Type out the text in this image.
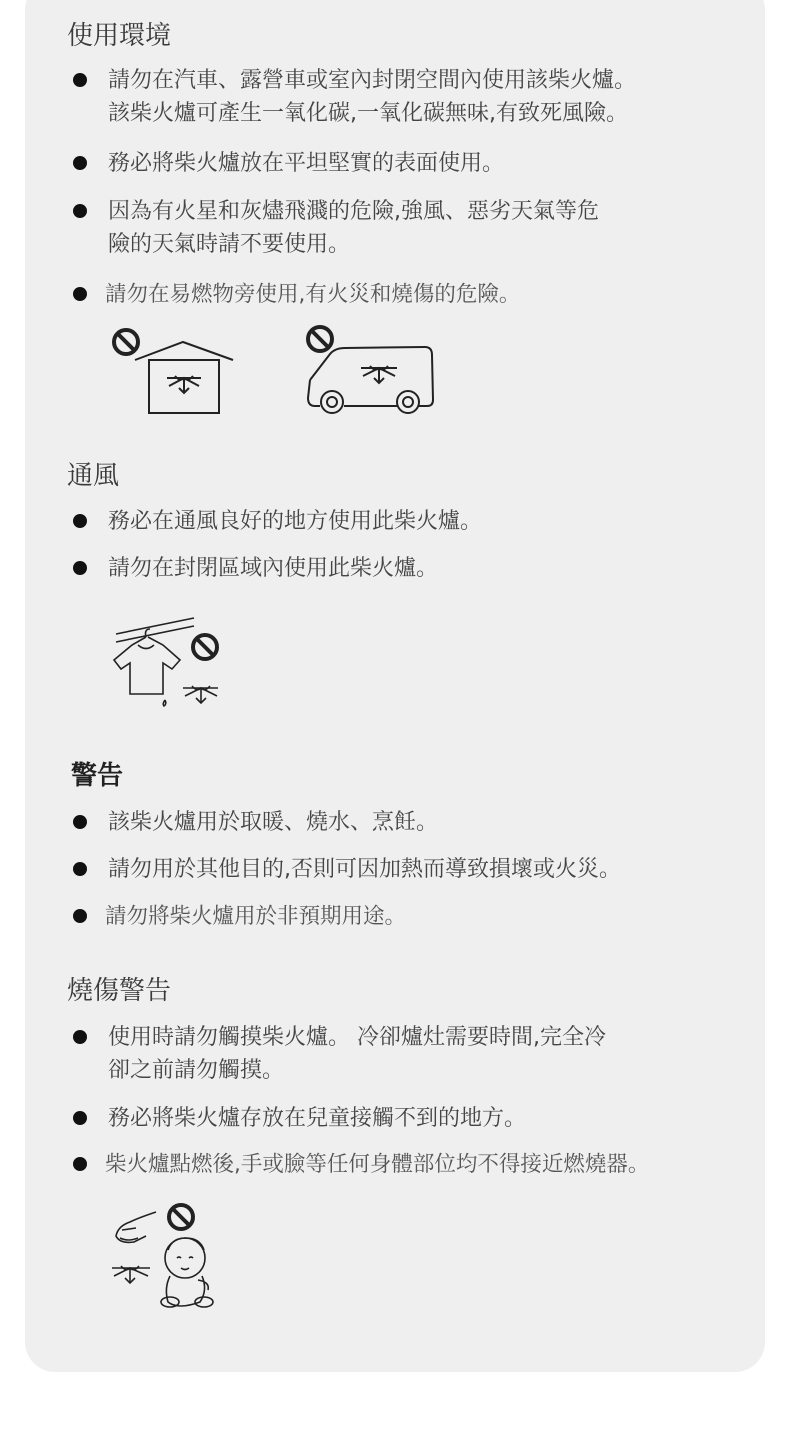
使用環境
請勿在汽車、露營車或室內封閉空間內使用該柴火爐。
該柴火爐可產生一氧化碳,一氧化碳無味,有致死風險。
務必將柴火爐放在平坦堅實的表面使用。
因為有火星和灰燼飛濺的危險,強風、惡劣天氣等危
險的天氣時請不要使用。
請勿在易燃物旁使用,有火災和燒傷的危險。
通風
務必在通風良好的地方使用此柴火爐。
請勿在封閉區域內使用此柴火爐。
警告
該柴火爐用於取暖、燒水、烹飪。
請勿用於其他目的,否則可因加熱而導致損壞或火災。
請勿將柴火爐用於非預期用途。
燒傷警告
使用時請勿觸摸柴火爐。 冷卻爐灶需要時間,完全冷
卻之前請勿觸摸。
務必將柴火爐存放在兒童接觸不到的地方。
柴火爐點燃後,手或臉等任何身體部位均不得接近燃燒器。
